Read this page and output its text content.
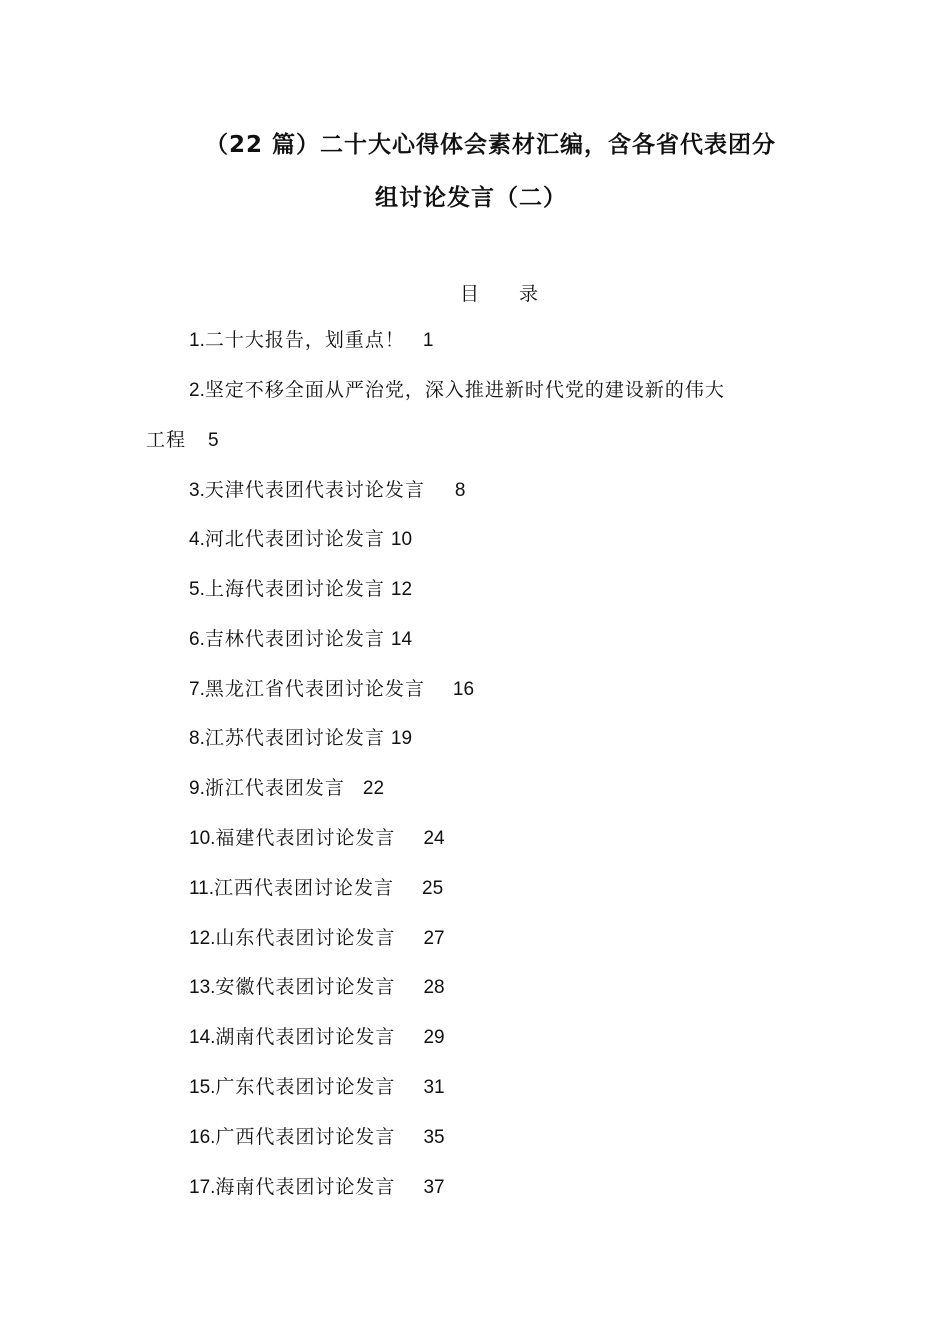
（22 篇）二十大心得体会素材汇编，含各省代表团分
组讨论发言（二）
目 录
1.二十大报告，划重点！ 1
2.坚定不移全面从严治党，深入推进新时代党的建设新的伟大
工程 5
3.天津代表团代表讨论发言 8
4.河北代表团讨论发言 10
5.上海代表团讨论发言 12
6.吉林代表团讨论发言 14
7.黑龙江省代表团讨论发言 16
8.江苏代表团讨论发言 19
9.浙江代表团发言 22
10.福建代表团讨论发言 24
11.江西代表团讨论发言 25
12.山东代表团讨论发言 27
13.安徽代表团讨论发言 28
14.湖南代表团讨论发言 29
15.广东代表团讨论发言 31
16.广西代表团讨论发言 35
17.海南代表团讨论发言 37
